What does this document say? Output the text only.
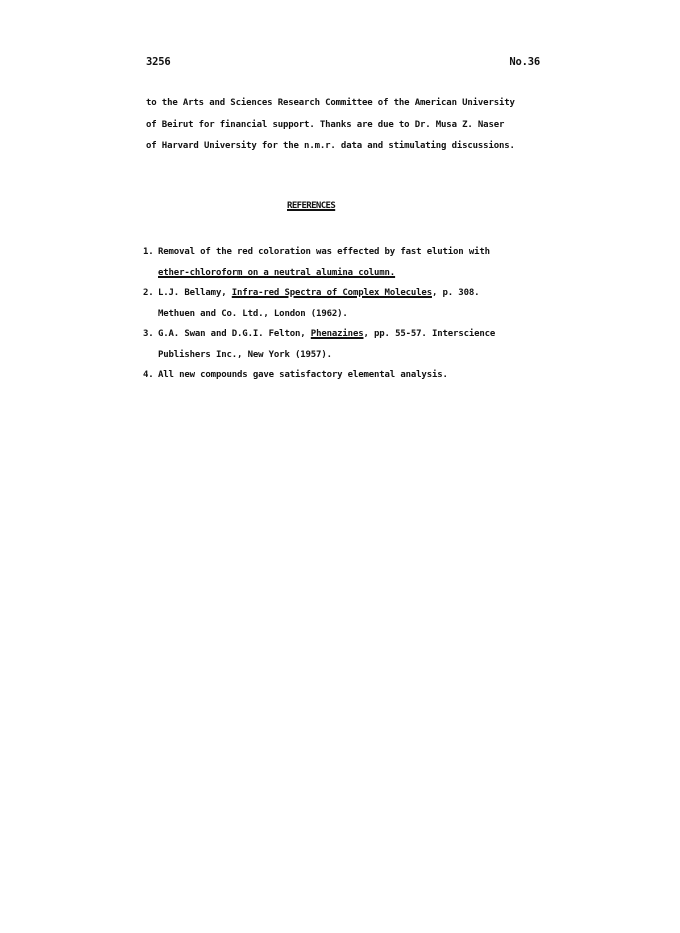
3256	No.36

to the Arts and Sciences Research Committee of the American University
of Beirut for financial support. Thanks are due to Dr. Musa Z. Naser
of Harvard University for the n.m.r. data and stimulating discussions.

REFERENCES
1. Removal of the red coloration was effected by fast elution with
ether-chloroform on a neutral alumina column.
2. L.J. Bellamy, Infra-red Spectra of Complex Molecules, p. 308.
Methuen and Co. Ltd., London (1962).
3. G.A. Swan and D.G.I. Felton, Phenazines, pp. 55-57. Interscience
Publishers Inc., New York (1957).
4. All new compounds gave satisfactory elemental analysis.
